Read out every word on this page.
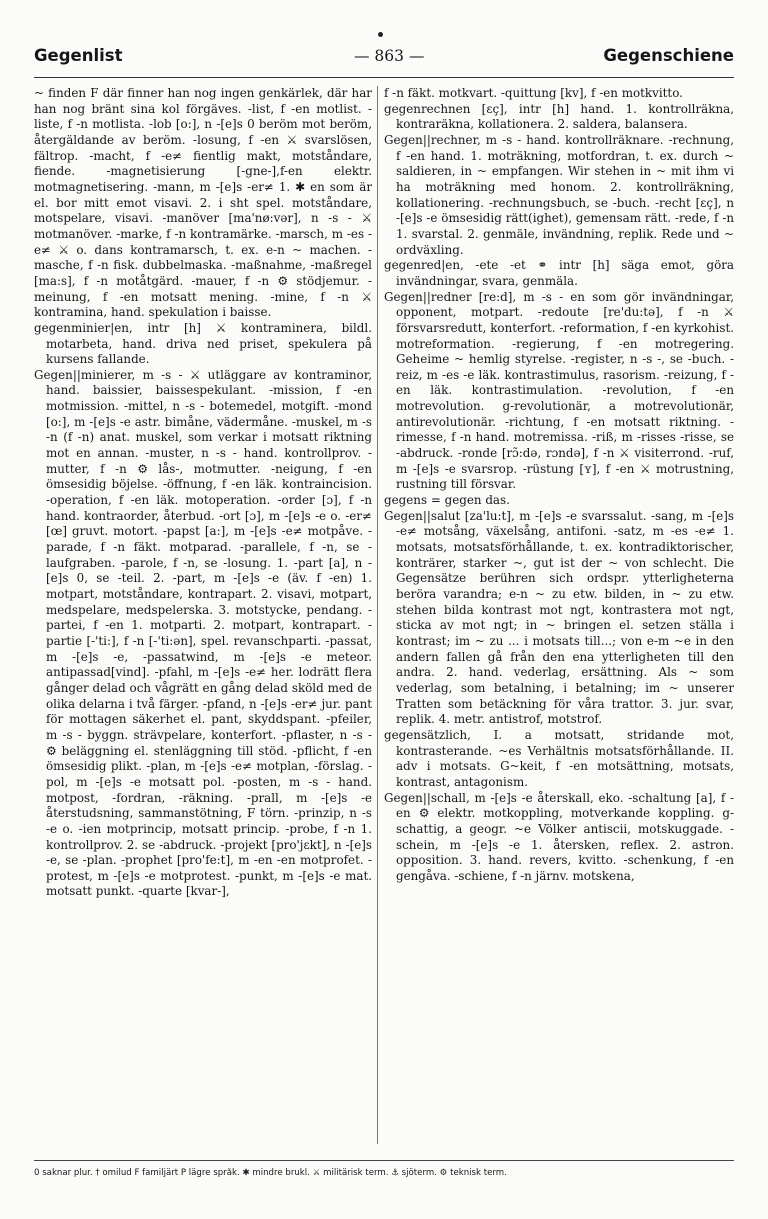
Gegenlist	— 863 —	Gegenschiene

~ finden F där finner han nog ingen genkärlek, där har han nog bränt sina kol förgäves. -list, f -en motlist. -liste, f -n motlista. -lob [o:], n -[e]s 0 beröm mot beröm, återgäldande av beröm. -losung, f -en ⚔ svarslösen, fältrop. -macht, f -e≠ fientlig makt, motståndare, fiende. -magnetisierung [-gne-],f-en elektr. motmagnetisering. -mann, m -[e]s -er≠ 1. ✱ en som är el. bor mitt emot visavi. 2. i sht spel. motståndare, motspelare, visavi. -manöver [ma'nø:vər], n -s - ⚔ motmanöver. -marke, f -n kontramärke. -marsch, m -es -e≠ ⚔ o. dans kontramarsch, t. ex. e-n ~ machen. -masche, f -n fisk. dubbelmaska. -maßnahme, -maßregel [ma:s], f -n motåtgärd. -mauer, f -n ⚙ stödjemur. -meinung, f -en motsatt mening. -mine, f -n ⚔ kontramina, hand. spekulation i baisse.

gegenminier|en, intr [h] ⚔ kontraminera, bildl. motarbeta, hand. driva ned priset, spekulera på kursens fallande.

Gegen||minierer, m -s - ⚔ utläggare av kontraminor, hand. baissier, baissespekulant. -mission, f -en motmission. -mittel, n -s - botemedel, motgift. -mond [o:], m -[e]s -e astr. bimåne, vädermåne. -muskel, m -s -n (f -n) anat. muskel, som verkar i motsatt riktning mot en annan. -muster, n -s - hand. kontrollprov. -mutter, f -n ⚙ lås-, motmutter. -neigung, f -en ömsesidig böjelse. -öffnung, f -en läk. kontraincision. -operation, f -en läk. motoperation. -order [ɔ], f -n hand. kontraorder, återbud. -ort [ɔ], m -[e]s -e o. -er≠ [œ] gruvt. motort. -papst [a:], m -[e]s -e≠ motpåve. -parade, f -n fäkt. motparad. -parallele, f -n, se -laufgraben. -parole, f -n, se -losung. 1. -part [a], n -[e]s 0, se -teil. 2. -part, m -[e]s -e (äv. f -en) 1. motpart, motståndare, kontrapart. 2. visavi, motpart, medspelare, medspelerska. 3. motstycke, pendang. -partei, f -en 1. motparti. 2. motpart, kontrapart. -partie [-'ti:], f -n [-'ti:ən], spel. revanschparti. -passat, m -[e]s -e, -passatwind, m -[e]s -e meteor. antipassad[vind]. -pfahl, m -[e]s -e≠ her. lodrätt flera gånger delad och vågrätt en gång delad sköld med de olika delarna i två färger. -pfand, n -[e]s -er≠ jur. pant för mottagen säkerhet el. pant, skyddspant. -pfeiler, m -s - byggn. strävpelare, konterfort. -pflaster, n -s - ⚙ beläggning el. stenläggning till stöd. -pflicht, f -en ömsesidig plikt. -plan, m -[e]s -e≠ motplan, -förslag. -pol, m -[e]s -e motsatt pol. -posten, m -s - hand. motpost, -fordran, -räkning. -prall, m -[e]s -e återstudsning, sammanstötning, F törn. -prinzip, n -s -e o. -ien motprincip, motsatt princip. -probe, f -n 1. kontrollprov. 2. se -abdruck. -projekt [pro'jɛkt], n -[e]s -e, se -plan. -prophet [pro'fe:t], m -en -en motprofet. -protest, m -[e]s -e motprotest. -punkt, m -[e]s -e mat. motsatt punkt. -quarte [kvar-],

f -n fäkt. motkvart. -quittung [kv], f -en motkvitto.

gegenrechnen [ɛç], intr [h] hand. 1. kontrollräkna, kontraräkna, kollationera. 2. saldera, balansera.

Gegen||rechner, m -s - hand. kontrollräknare. -rechnung, f -en hand. 1. moträkning, motfordran, t. ex. durch ~ saldieren, in ~ empfangen. Wir stehen in ~ mit ihm vi ha moträkning med honom. 2. kontrollräkning, kollationering. -rechnungsbuch, se -buch. -recht [ɛç], n -[e]s -e ömsesidig rätt(ighet), gemensam rätt. -rede, f -n 1. svarstal. 2. genmäle, invändning, replik. Rede und ~ ordväxling.

gegenred|en, -ete -et ⚭ intr [h] säga emot, göra invändningar, svara, genmäla.

Gegen||redner [re:d], m -s - en som gör invändningar, opponent, motpart. -redoute [re'du:tə], f -n ⚔ försvarsredutt, konterfort. -reformation, f -en kyrkohist. motreformation. -regierung, f -en motregering. Geheime ~ hemlig styrelse. -register, n -s -, se -buch. -reiz, m -es -e läk. kontrastimulus, rasorism. -reizung, f -en läk. kontrastimulation. -revolution, f -en motrevolution. g-revolutionär, a motrevolutionär, antirevolutionär. -richtung, f -en motsatt riktning. -rimesse, f -n hand. motremissa. -riß, m -risses -risse, se -abdruck. -ronde [rɔ̃:də, rɔndə], f -n ⚔ visiterrond. -ruf, m -[e]s -e svarsrop. -rüstung [ʏ], f -en ⚔ motrustning, rustning till försvar.

gegens = gegen das.

Gegen||salut [za'lu:t], m -[e]s -e svarssalut. -sang, m -[e]s -e≠ motsång, växelsång, antifoni. -satz, m -es -e≠ 1. motsats, motsatsförhållande, t. ex. kontradiktorischer, konträrer, starker ~, gut ist der ~ von schlecht. Die Gegensätze berühren sich ordspr. ytterligheterna beröra varandra; e-n ~ zu etw. bilden, in ~ zu etw. stehen bilda kontrast mot ngt, kontrastera mot ngt, sticka av mot ngt; in ~ bringen el. setzen ställa i kontrast; im ~ zu ... i motsats till...; von e-m ~e in den andern fallen gå från den ena ytterligheten till den andra. 2. hand. vederlag, ersättning. Als ~ som vederlag, som betalning, i betalning; im ~ unserer Tratten som betäckning för våra trattor. 3. jur. svar, replik. 4. metr. antistrof, motstrof.

gegensätzlich, I. a motsatt, stridande mot, kontrasterande. ~es Verhältnis motsatsförhållande. II. adv i motsats. G~keit, f -en motsättning, motsats, kontrast, antagonism.

Gegen||schall, m -[e]s -e återskall, eko. -schaltung [a], f -en ⚙ elektr. motkoppling, motverkande koppling. g-schattig, a geogr. ~e Völker antiscii, motskuggade. -schein, m -[e]s -e 1. återsken, reflex. 2. astron. opposition. 3. hand. revers, kvitto. -schenkung, f -en gengåva. -schiene, f -n järnv. motskena,

0 saknar plur. † omilud F familjärt P lägre språk. ✱ mindre brukl. ⚔ militärisk term. ⚓ sjöterm. ⚙ teknisk term.
